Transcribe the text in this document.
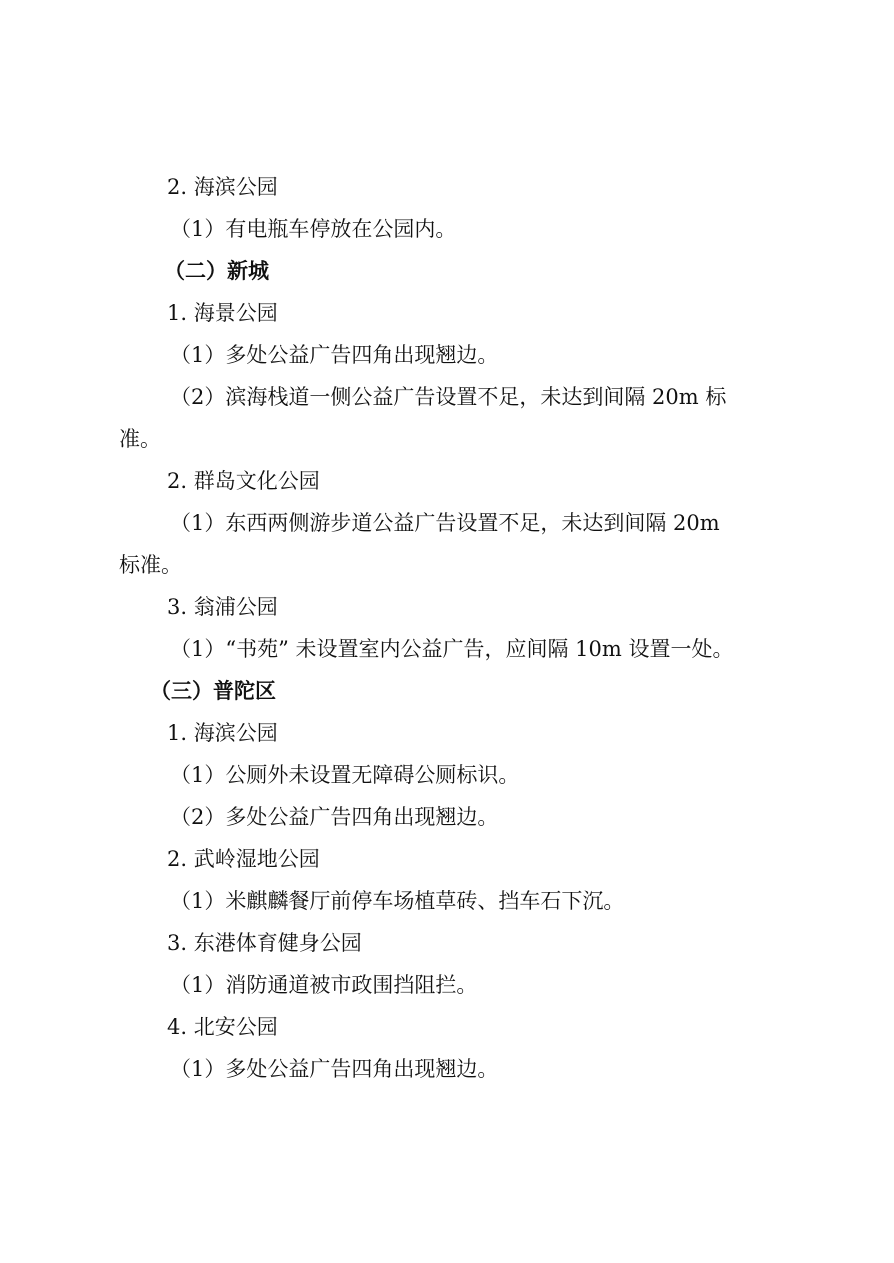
2. 海滨公园
（1）有电瓶车停放在公园内。
（二）新城
1. 海景公园
（1）多处公益广告四角出现翘边。
（2）滨海栈道一侧公益广告设置不足，未达到间隔 20m 标
准。
2. 群岛文化公园
（1）东西两侧游步道公益广告设置不足，未达到间隔 20m
标准。
3. 翁浦公园
（1）“书苑” 未设置室内公益广告，应间隔 10m 设置一处。
（三）普陀区
1. 海滨公园
（1）公厕外未设置无障碍公厕标识。
（2）多处公益广告四角出现翘边。
2. 武岭湿地公园
（1）米麒麟餐厅前停车场植草砖、挡车石下沉。
3. 东港体育健身公园
（1）消防通道被市政围挡阻拦。
4. 北安公园
（1）多处公益广告四角出现翘边。
